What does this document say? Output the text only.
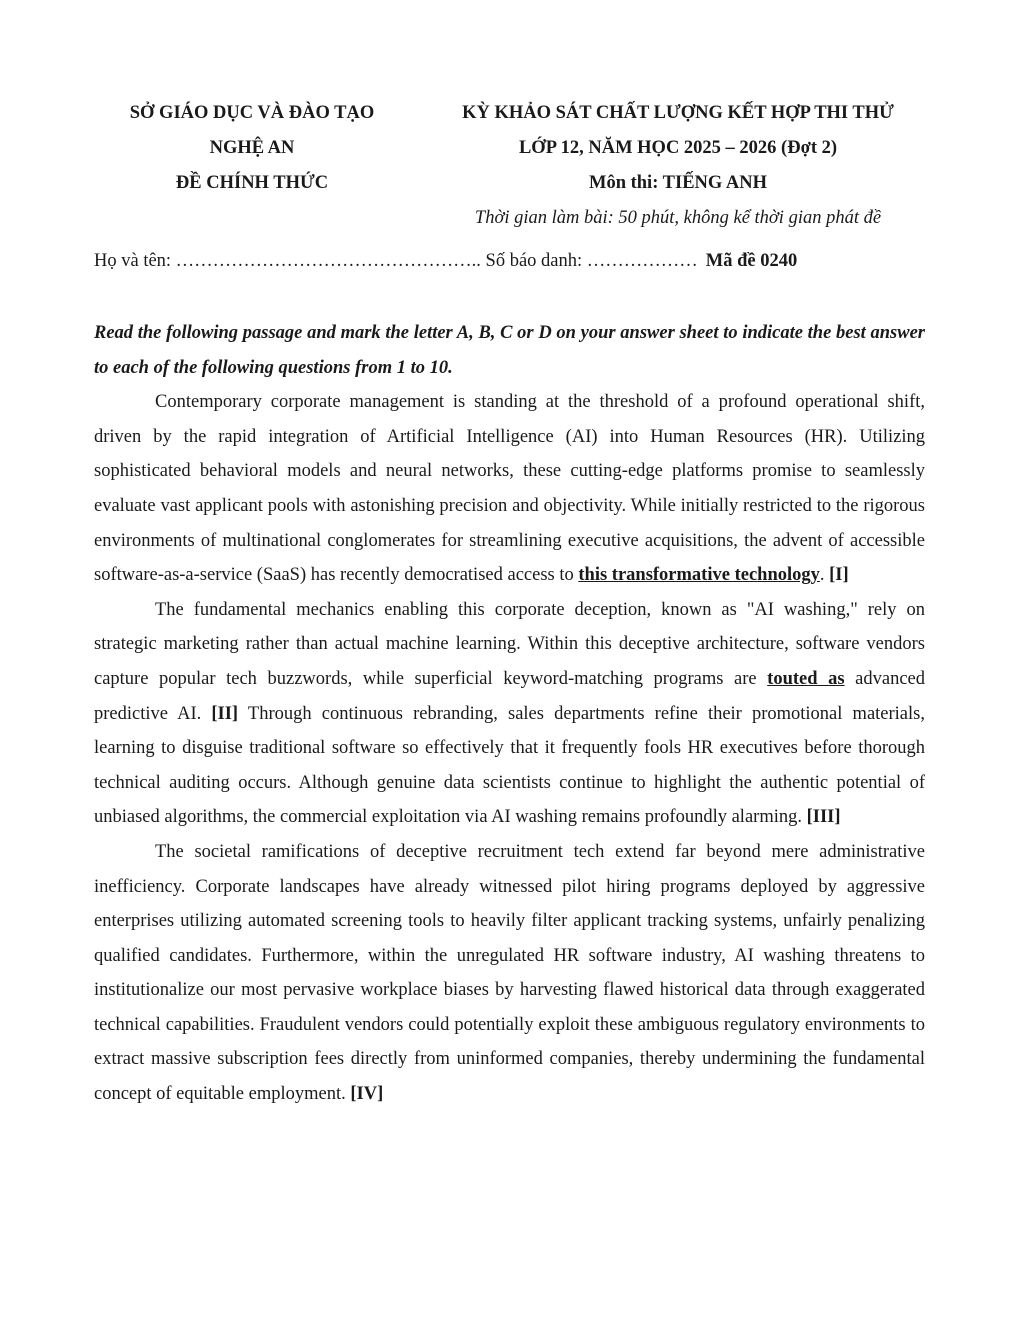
SỞ GIÁO DỤC VÀ ĐÀO TẠO
NGHỆ AN
ĐỀ CHÍNH THỨC
KỲ KHẢO SÁT CHẤT LƯỢNG KẾT HỢP THI THỬ
LỚP 12, NĂM HỌC 2025 – 2026 (Đợt 2)
Môn thi: TIẾNG ANH
Thời gian làm bài: 50 phút, không kể thời gian phát đề
Họ và tên: ………………………………………….. Số báo danh: ……………… Mã đề 0240

Read the following passage and mark the letter A, B, C or D on your answer sheet to indicate the best answer to each of the following questions from 1 to 10.

Contemporary corporate management is standing at the threshold of a profound operational shift, driven by the rapid integration of Artificial Intelligence (AI) into Human Resources (HR). Utilizing sophisticated behavioral models and neural networks, these cutting-edge platforms promise to seamlessly evaluate vast applicant pools with astonishing precision and objectivity. While initially restricted to the rigorous environments of multinational conglomerates for streamlining executive acquisitions, the advent of accessible software-as-a-service (SaaS) has recently democratised access to this transformative technology. [I]

The fundamental mechanics enabling this corporate deception, known as "AI washing," rely on strategic marketing rather than actual machine learning. Within this deceptive architecture, software vendors capture popular tech buzzwords, while superficial keyword-matching programs are touted as advanced predictive AI. [II] Through continuous rebranding, sales departments refine their promotional materials, learning to disguise traditional software so effectively that it frequently fools HR executives before thorough technical auditing occurs. Although genuine data scientists continue to highlight the authentic potential of unbiased algorithms, the commercial exploitation via AI washing remains profoundly alarming. [III]

The societal ramifications of deceptive recruitment tech extend far beyond mere administrative inefficiency. Corporate landscapes have already witnessed pilot hiring programs deployed by aggressive enterprises utilizing automated screening tools to heavily filter applicant tracking systems, unfairly penalizing qualified candidates. Furthermore, within the unregulated HR software industry, AI washing threatens to institutionalize our most pervasive workplace biases by harvesting flawed historical data through exaggerated technical capabilities. Fraudulent vendors could potentially exploit these ambiguous regulatory environments to extract massive subscription fees directly from uninformed companies, thereby undermining the fundamental concept of equitable employment. [IV]
